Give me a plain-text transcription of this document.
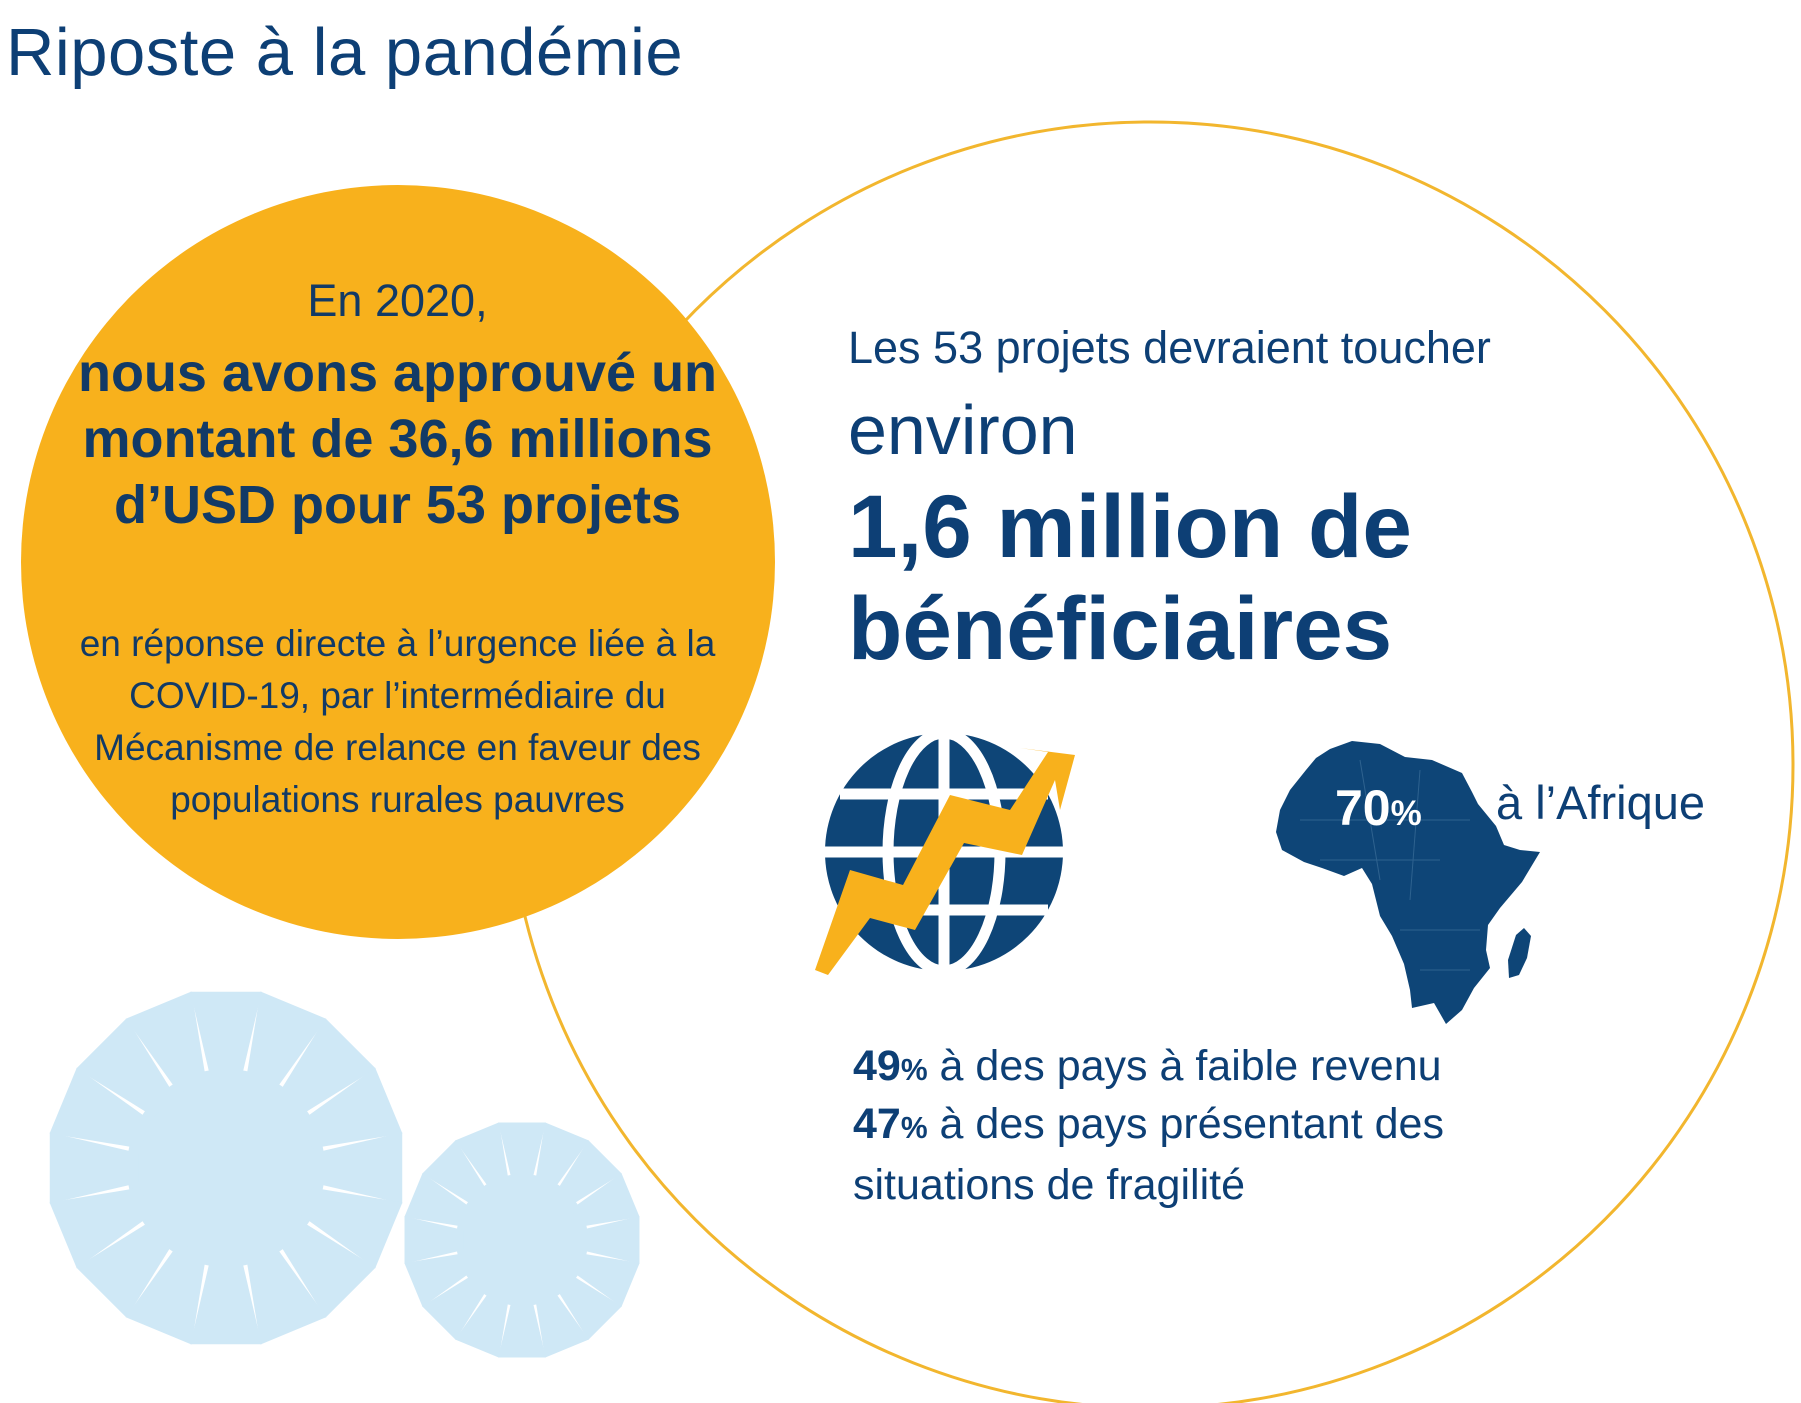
Riposte à la pandémie
En 2020,
nous avons approuvé un montant de 36,6 millions d’USD pour 53 projets
en réponse directe à l’urgence liée à la COVID-19, par l’intermédiaire du Mécanisme de relance en faveur des populations rurales pauvres
Les 53 projets devraient toucher
environ
1,6 million de bénéficiaires
70% à l’Afrique
49% à des pays à faible revenu
47% à des pays présentant des situations de fragilité
